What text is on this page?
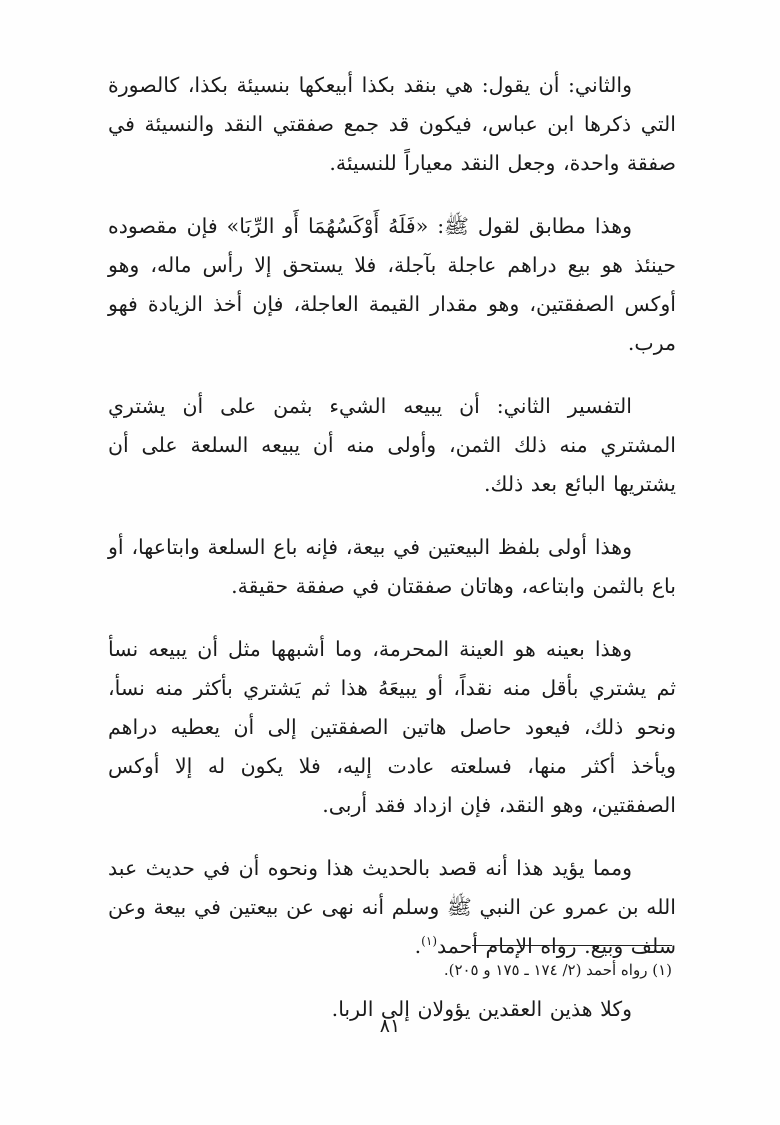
والثاني: أن يقول: هي بنقد بكذا أبيعكها بنسيئة بكذا، كالصورة التي ذكرها ابن عباس، فيكون قد جمع صفقتي النقد والنسيئة في صفقة واحدة، وجعل النقد معياراً للنسيئة.

وهذا مطابق لقول ﷺ: «فَلَهُ أَوْكَسُهُمَا أَو الرِّبَا» فإن مقصوده حينئذ هو بيع دراهم عاجلة بآجلة، فلا يستحق إلا رأس ماله، وهو أوكس الصفقتين، وهو مقدار القيمة العاجلة، فإن أخذ الزيادة فهو مرب.

التفسير الثاني: أن يبيعه الشيء بثمن على أن يشتري المشتري منه ذلك الثمن، وأولى منه أن يبيعه السلعة على أن يشتريها البائع بعد ذلك.

وهذا أولى بلفظ البيعتين في بيعة، فإنه باع السلعة وابتاعها، أو باع بالثمن وابتاعه، وهاتان صفقتان في صفقة حقيقة.

وهذا بعينه هو العينة المحرمة، وما أشبهها مثل أن يبيعه نسأ ثم يشتري بأقل منه نقداً، أو يبيعَهُ هذا ثم يَشتري بأكثر منه نسأ، ونحو ذلك، فيعود حاصل هاتين الصفقتين إلى أن يعطيه دراهم ويأخذ أكثر منها، فسلعته عادت إليه، فلا يكون له إلا أوكس الصفقتين، وهو النقد، فإن ازداد فقد أربى.

ومما يؤيد هذا أنه قصد بالحديث هذا ونحوه أن في حديث عبد الله بن عمرو عن النبي ﷺ وسلم أنه نهى عن بيعتين في بيعة وعن سلف وبيع. رواه الإمام أحمد$^{(١)}$.

وكلا هذين العقدين يؤولان إلى الربا.

(١) رواه أحمد (٢/ ١٧٤ ـ ١٧٥ و ٢٠٥).
٨١
